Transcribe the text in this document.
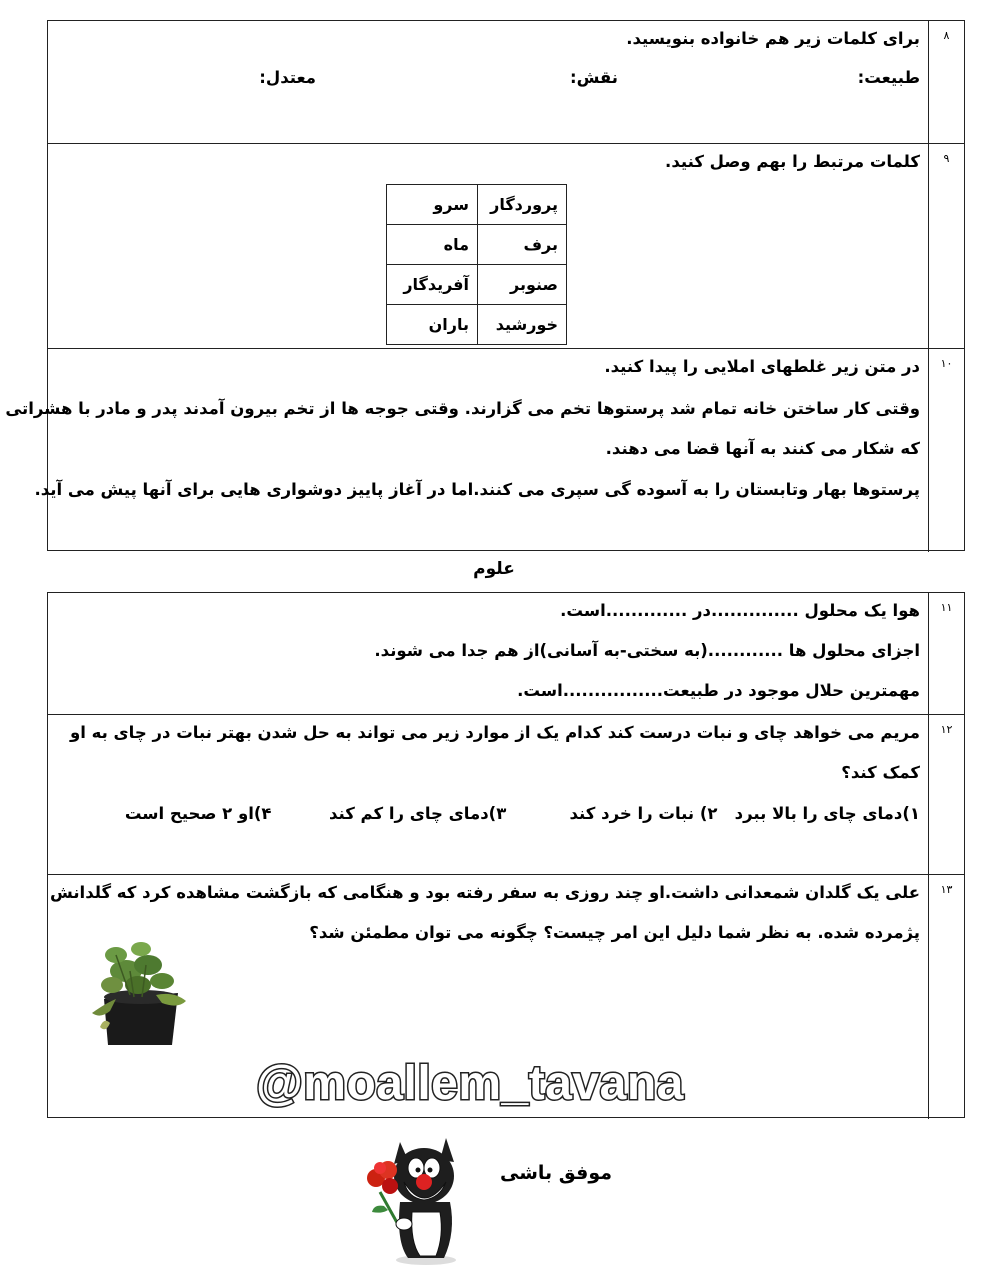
۸
برای کلمات زیر هم خانواده بنویسید.
طبیعت:
نقش:
معتدل:
۹
کلمات مرتبط را بهم وصل کنید.
پروردگار	سرو
برف	ماه
صنوبر	آفریدگار
خورشید	باران
۱۰
در متن زیر غلطهای املایی را پیدا کنید.
وقتی کار ساختن خانه تمام شد پرستوها تخم می گزارند. وقتی جوجه ها از تخم بیرون آمدند پدر و مادر با هشراتی
که شکار می کنند به آنها قضا می دهند.
پرستوها بهار وتابستان را به آسوده گی سپری می کنند.اما در آغاز پاییز دوشواری هایی برای آنها پیش می آید.
علوم
۱۱
هوا یک محلول ..............در .............است.
اجزای محلول ها ............(به سختی-به آسانی)از هم جدا می شوند.
مهمترین حلال موجود در طبیعت................است.
۱۲
مریم می خواهد چای و نبات درست کند کدام یک از موارد زیر می تواند به حل شدن بهتر نبات در چای به او
کمک کند؟
۱)دمای چای را بالا ببرد   ۲) نبات را خرد کند           ۳)دمای چای را کم کند          ۴)او ۲ صحیح است
۱۳
علی یک گلدان شمعدانی داشت.او چند روزی به سفر رفته بود و هنگامی که بازگشت مشاهده کرد که گلدانش
پژمرده شده. به نظر شما دلیل این امر چیست؟ چگونه می توان مطمئن شد؟
@moallem_tavana
موفق باشی
